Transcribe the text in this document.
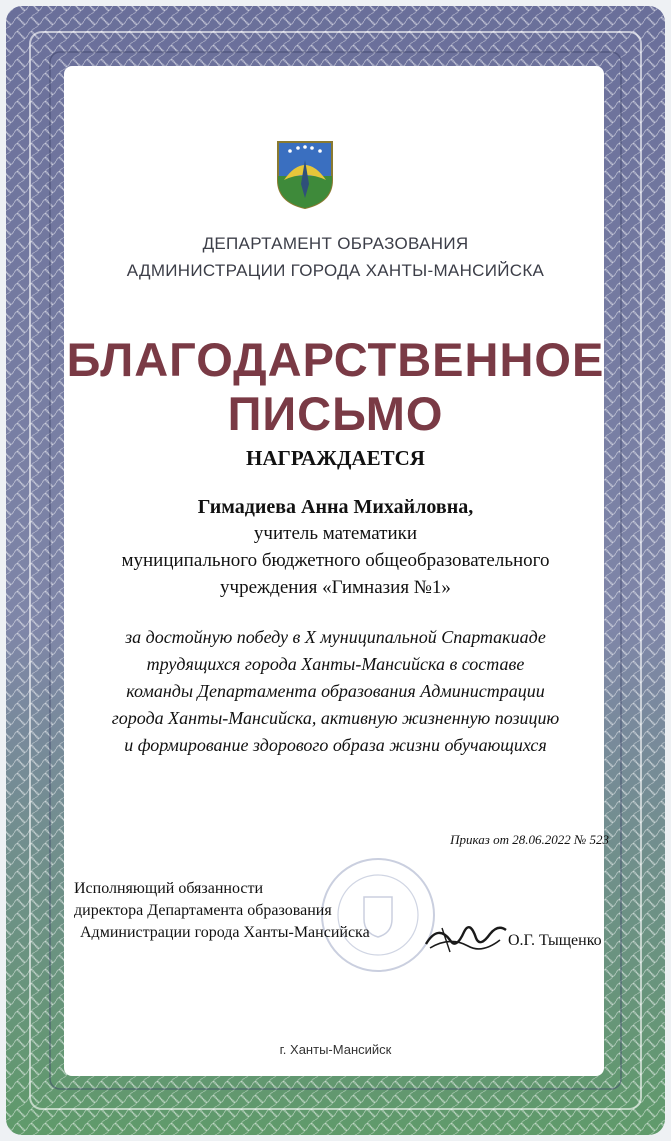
ДЕПАРТАМЕНТ ОБРАЗОВАНИЯ
АДМИНИСТРАЦИИ ГОРОДА ХАНТЫ-МАНСИЙСКА
БЛАГОДАРСТВЕННОЕ
ПИСЬМО
НАГРАЖДАЕТСЯ
Гимадиева Анна Михайловна,
учитель математики
муниципального бюджетного общеобразовательного
учреждения «Гимназия №1»
за достойную победу в X муниципальной Спартакиаде
трудящихся города Ханты-Мансийска в составе
команды Департамента образования Администрации
города Ханты-Мансийска, активную жизненную позицию
и формирование здорового образа жизни обучающихся
Приказ от 28.06.2022 № 523
Исполняющий обязанности
директора Департамента образования
Администрации города Ханты-Мансийска	О.Г. Тыщенко
г. Ханты-Мансийск
